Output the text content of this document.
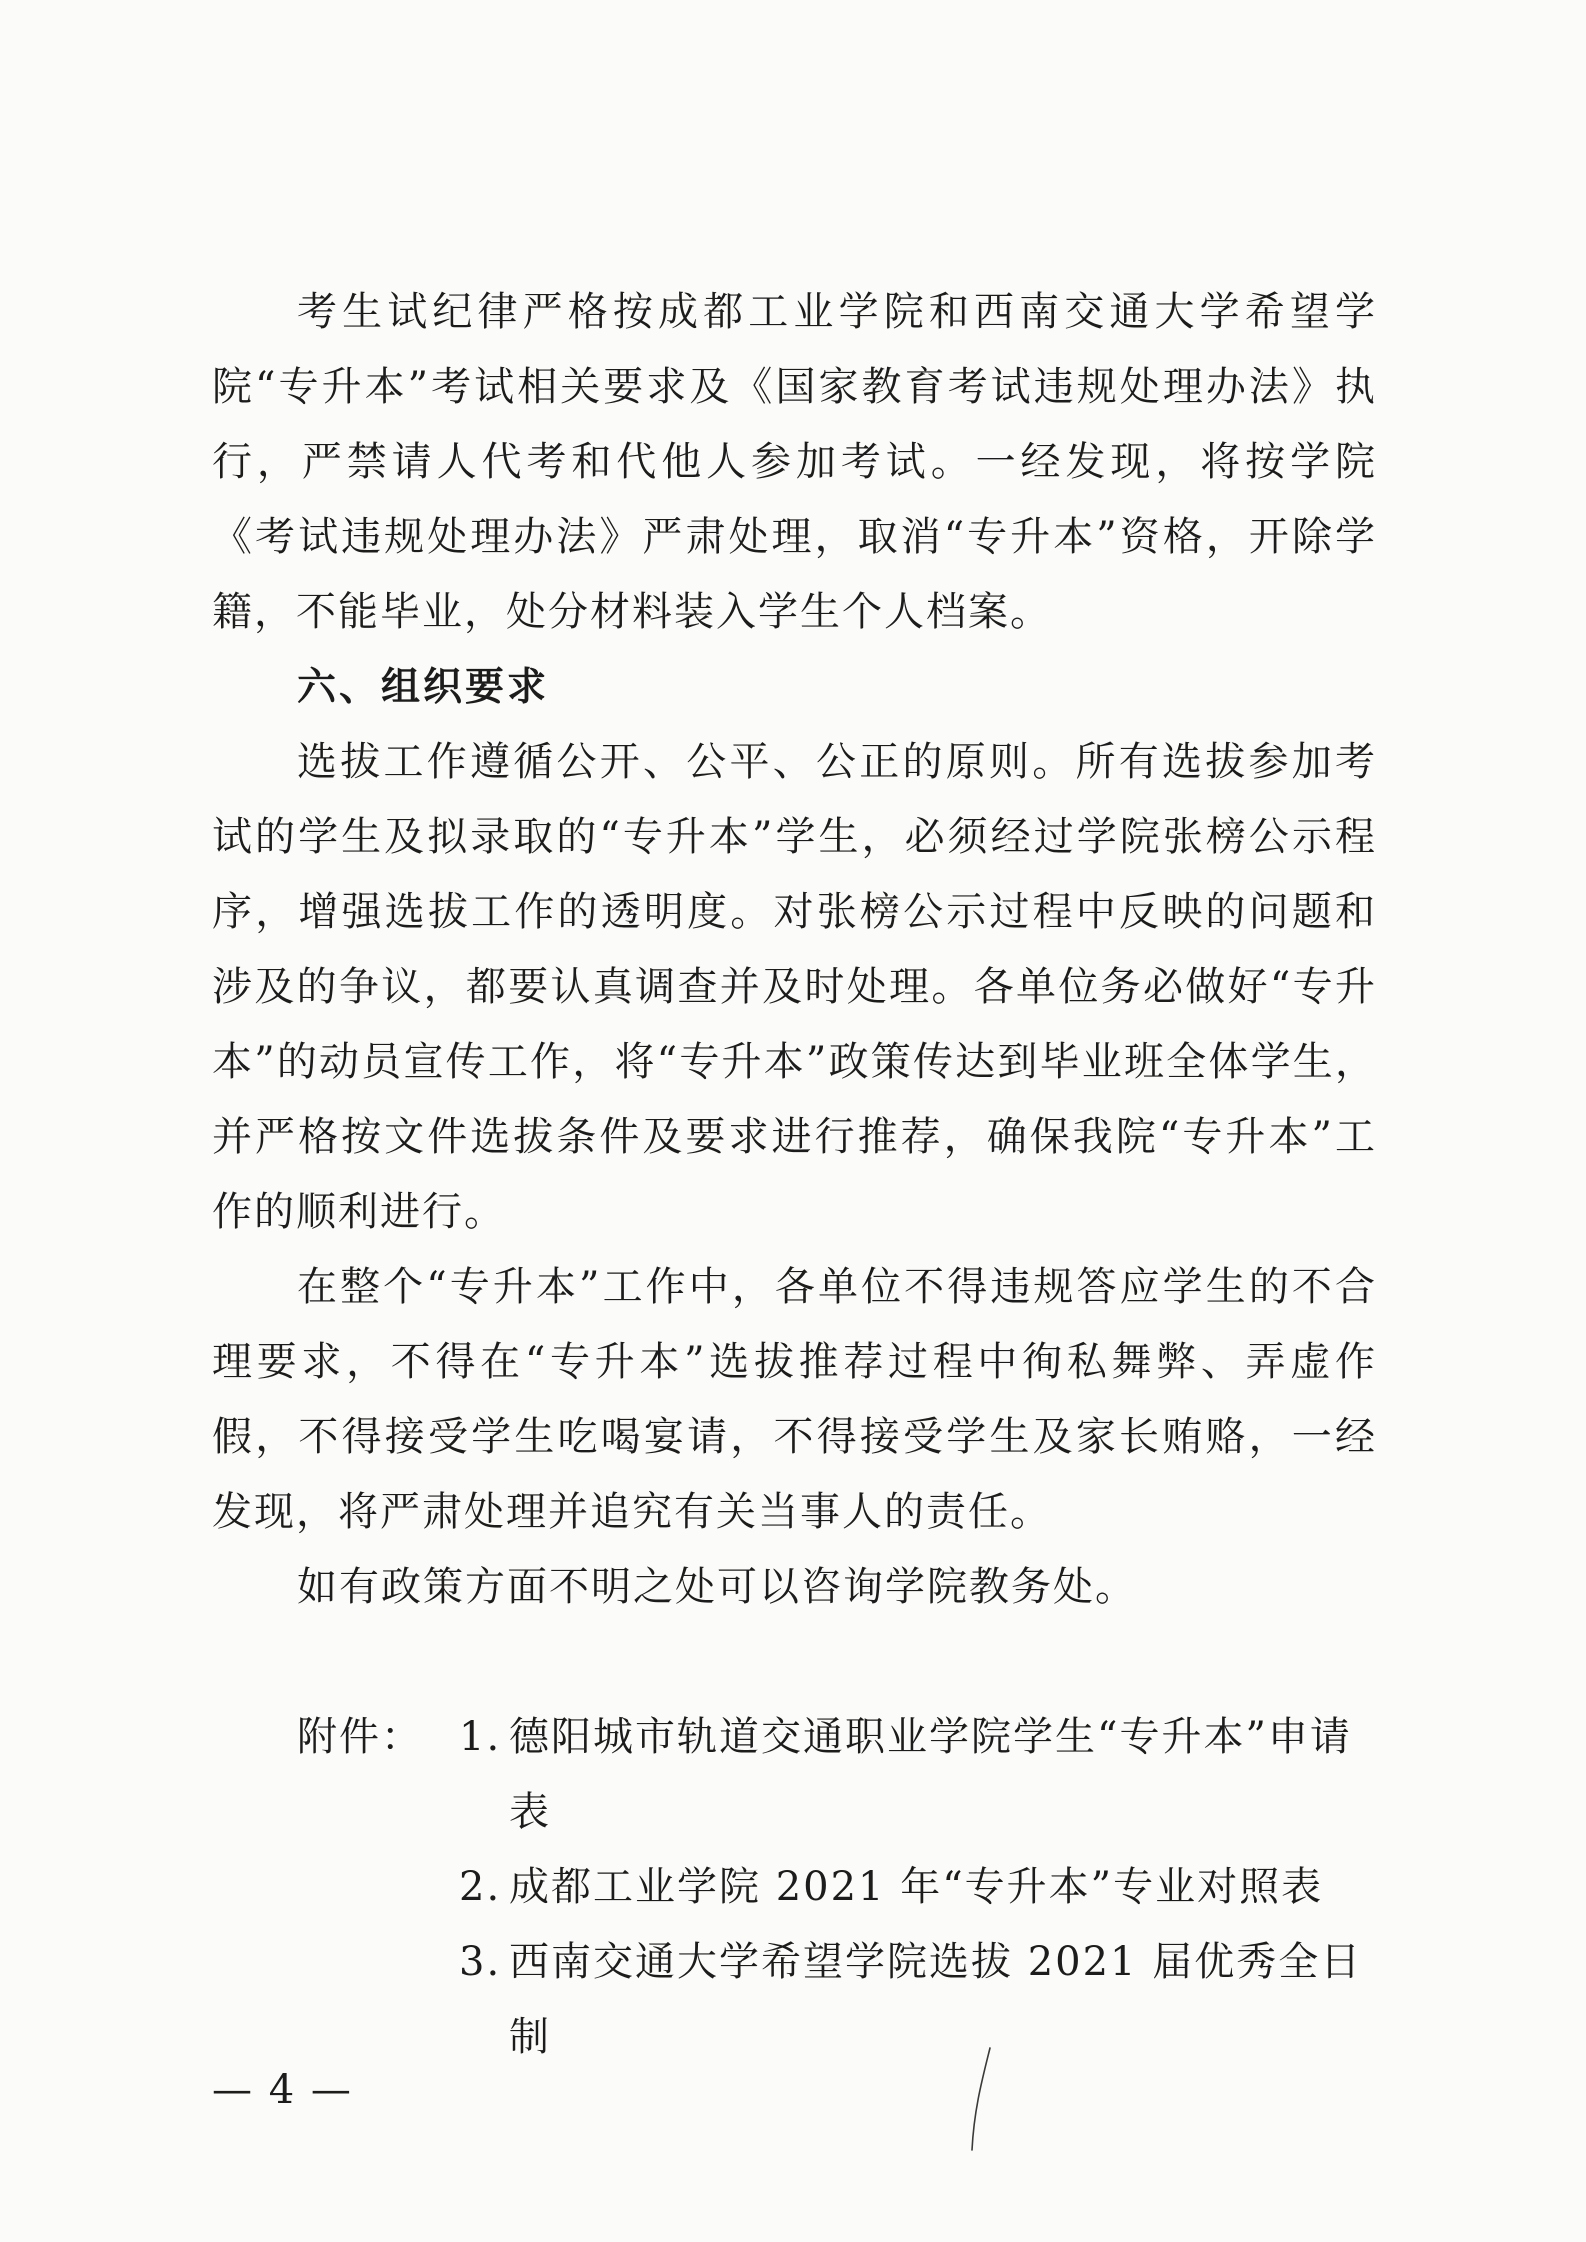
考生试纪律严格按成都工业学院和西南交通大学希望学院“专升本”考试相关要求及《国家教育考试违规处理办法》执行，严禁请人代考和代他人参加考试。一经发现，将按学院《考试违规处理办法》严肃处理，取消“专升本”资格，开除学籍，不能毕业，处分材料装入学生个人档案。

六、组织要求

选拔工作遵循公开、公平、公正的原则。所有选拔参加考试的学生及拟录取的“专升本”学生，必须经过学院张榜公示程序，增强选拔工作的透明度。对张榜公示过程中反映的问题和涉及的争议，都要认真调查并及时处理。各单位务必做好“专升本”的动员宣传工作，将“专升本”政策传达到毕业班全体学生，并严格按文件选拔条件及要求进行推荐，确保我院“专升本”工作的顺利进行。

在整个“专升本”工作中，各单位不得违规答应学生的不合理要求，不得在“专升本”选拔推荐过程中徇私舞弊、弄虚作假，不得接受学生吃喝宴请，不得接受学生及家长贿赂，一经发现，将严肃处理并追究有关当事人的责任。

如有政策方面不明之处可以咨询学院教务处。

附件： 1. 德阳城市轨道交通职业学院学生“专升本”申请表
2. 成都工业学院 2021 年“专升本”专业对照表
3. 西南交通大学希望学院选拔 2021 届优秀全日制
— 4 —
